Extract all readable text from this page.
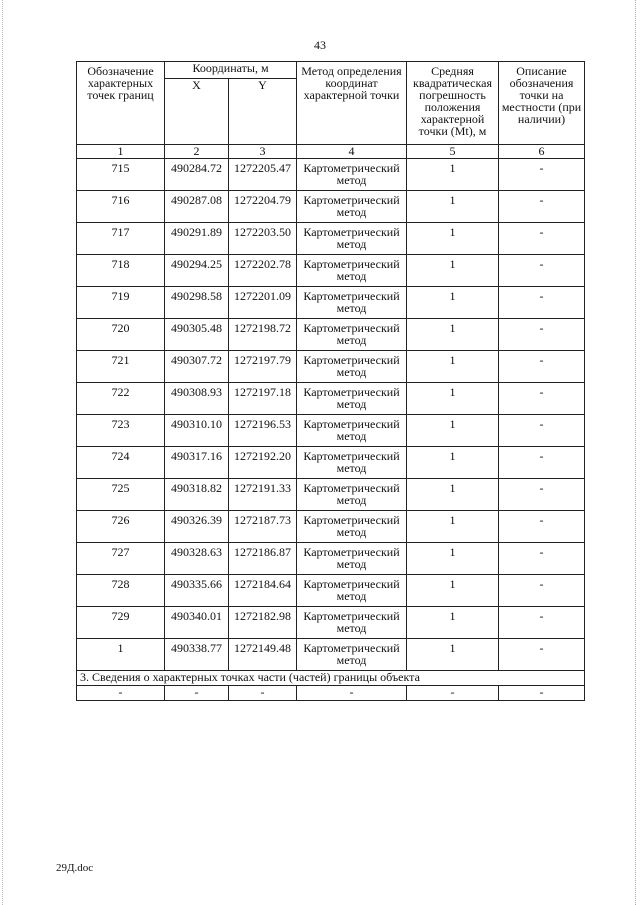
43
Обозначение характерных точек границ	Координаты, м		Метод определения координат характерной точки	Средняя квадратическая погрешность положения характерной точки (Mt), м	Описание обозначения точки на местности (при наличии)
	X	Y			
1	2	3	4	5	6
715	490284.72	1272205.47	Картометрический метод	1	-
716	490287.08	1272204.79	Картометрический метод	1	-
717	490291.89	1272203.50	Картометрический метод	1	-
718	490294.25	1272202.78	Картометрический метод	1	-
719	490298.58	1272201.09	Картометрический метод	1	-
720	490305.48	1272198.72	Картометрический метод	1	-
721	490307.72	1272197.79	Картометрический метод	1	-
722	490308.93	1272197.18	Картометрический метод	1	-
723	490310.10	1272196.53	Картометрический метод	1	-
724	490317.16	1272192.20	Картометрический метод	1	-
725	490318.82	1272191.33	Картометрический метод	1	-
726	490326.39	1272187.73	Картометрический метод	1	-
727	490328.63	1272186.87	Картометрический метод	1	-
728	490335.66	1272184.64	Картометрический метод	1	-
729	490340.01	1272182.98	Картометрический метод	1	-
1	490338.77	1272149.48	Картометрический метод	1	-
3. Сведения о характерных точках части (частей) границы объекта					
-	-	-	-	-	-
29Д.doc
